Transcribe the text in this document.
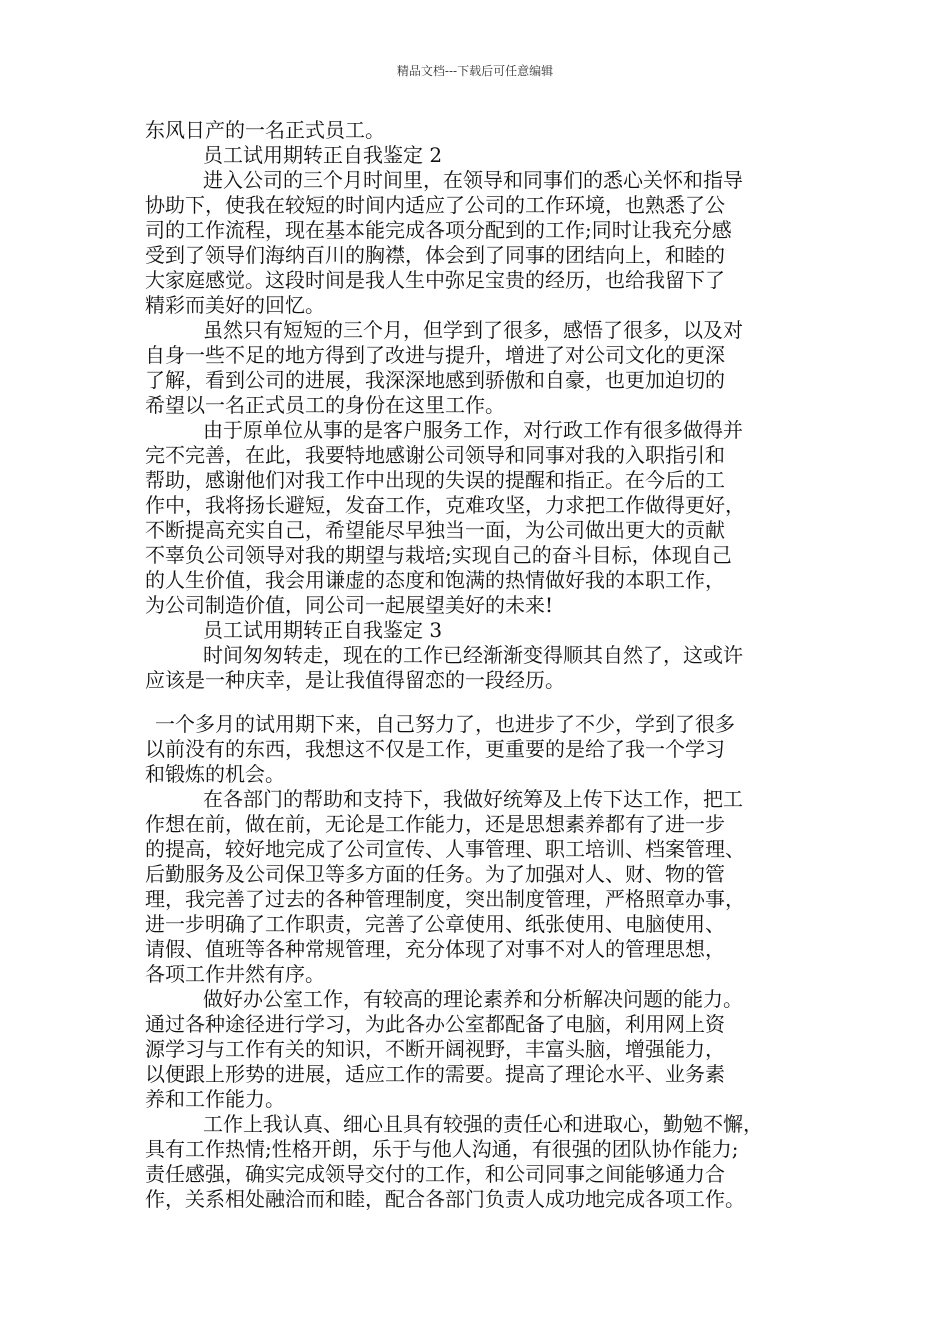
精品文档---下载后可任意编辑
东风日产的一名正式员工。
员工试用期转正自我鉴定 2
进入公司的三个月时间里，在领导和同事们的悉心关怀和指导
协助下，使我在较短的时间内适应了公司的工作环境，也熟悉了公
司的工作流程，现在基本能完成各项分配到的工作;同时让我充分感
受到了领导们海纳百川的胸襟，体会到了同事的团结向上，和睦的
大家庭感觉。这段时间是我人生中弥足宝贵的经历，也给我留下了
精彩而美好的回忆。
虽然只有短短的三个月，但学到了很多，感悟了很多，以及对
自身一些不足的地方得到了改进与提升，增进了对公司文化的更深
了解，看到公司的进展，我深深地感到骄傲和自豪，也更加迫切的
希望以一名正式员工的身份在这里工作。
由于原单位从事的是客户服务工作，对行政工作有很多做得并
完不完善，在此，我要特地感谢公司领导和同事对我的入职指引和
帮助，感谢他们对我工作中出现的失误的提醒和指正。在今后的工
作中，我将扬长避短，发奋工作，克难攻坚，力求把工作做得更好，
不断提高充实自己，希望能尽早独当一面，为公司做出更大的贡献
不辜负公司领导对我的期望与栽培;实现自己的奋斗目标，体现自己
的人生价值，我会用谦虚的态度和饱满的热情做好我的本职工作，
为公司制造价值，同公司一起展望美好的未来!
员工试用期转正自我鉴定 3
时间匆匆转走，现在的工作已经渐渐变得顺其自然了，这或许
应该是一种庆幸，是让我值得留恋的一段经历。
一个多月的试用期下来，自己努力了，也进步了不少，学到了很多
以前没有的东西，我想这不仅是工作，更重要的是给了我一个学习
和锻炼的机会。
在各部门的帮助和支持下，我做好统筹及上传下达工作，把工
作想在前，做在前，无论是工作能力，还是思想素养都有了进一步
的提高，较好地完成了公司宣传、人事管理、职工培训、档案管理、
后勤服务及公司保卫等多方面的任务。为了加强对人、财、物的管
理，我完善了过去的各种管理制度，突出制度管理，严格照章办事，
进一步明确了工作职责，完善了公章使用、纸张使用、电脑使用、
请假、值班等各种常规管理，充分体现了对事不对人的管理思想，
各项工作井然有序。
做好办公室工作，有较高的理论素养和分析解决问题的能力。
通过各种途径进行学习，为此各办公室都配备了电脑，利用网上资
源学习与工作有关的知识，不断开阔视野，丰富头脑，增强能力，
以便跟上形势的进展，适应工作的需要。提高了理论水平、业务素
养和工作能力。
工作上我认真、细心且具有较强的责任心和进取心，勤勉不懈，
具有工作热情;性格开朗，乐于与他人沟通，有很强的团队协作能力;
责任感强，确实完成领导交付的工作，和公司同事之间能够通力合
作，关系相处融洽而和睦，配合各部门负责人成功地完成各项工作。
